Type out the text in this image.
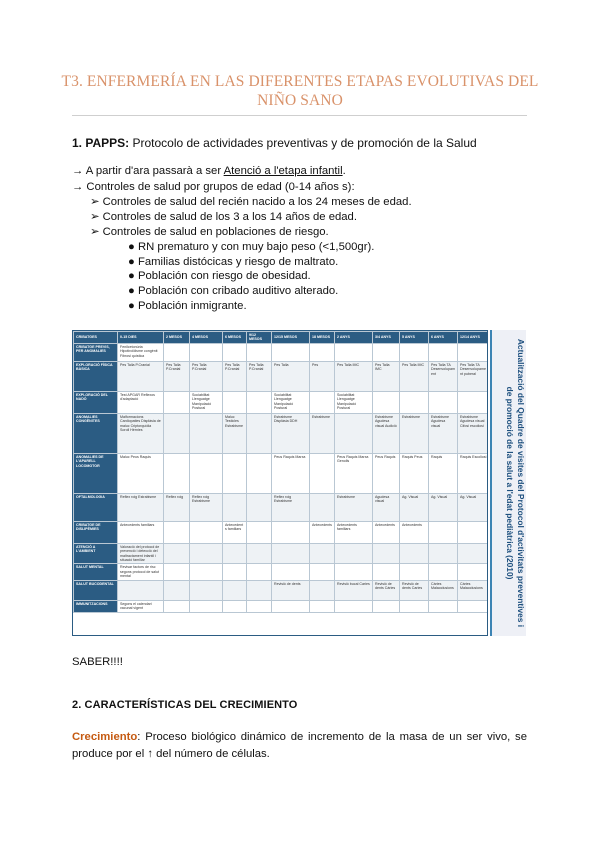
T3. ENFERMERÍA EN LAS DIFERENTES ETAPAS EVOLUTIVAS DEL NIÑO SANO
1. PAPPS: Protocolo de actividades preventivas y de promoción de la Salud
→ A partir d'ara passarà a ser Atenció a l'etapa infantil.
→ Controles de salud por grupos de edad (0-14 años s):
➢ Controles de salud del recién nacido a los 24 meses de edad.
➢ Controles de salud de los 3 a los 14 años de edad.
➢ Controles de salud en poblaciones de riesgo.
● RN prematuro y con muy bajo peso (<1,500gr).
● Familias distócicas y riesgo de maltrato.
● Población con riesgo de obesidad.
● Población con cribado auditivo alterado.
● Población inmigrante.
CRIBATGES	0-15 DIES	2 MESOS	4 MESOS	6 MESOS	9/12 MESOS	12/15 MESOS	18 MESOS	2 ANYS	3/4 ANYS	5 ANYS	6 ANYS	12/14 ANYS
CRIBATGE PREVIS, PER ANOMALIES	Fenilcetonúria Hipotiroïdisme congènit Fibrosi quística											
EXPLORACIÓ FÍSICA BÀSICA	Pes Talla P.Cranial	Pes Talla P.Cranial	Pes Talla P.Cranial	Pes Talla P.Cranial	Pes Talla P.Cranial	Pes Talla	Pes	Pes Talla IMC	Pes Talla IMC	Pes Talla IMC	Pes Talla TA Desenvolupament	Pes Talla TA Desenvolupament puberal
EXPLORACIÓ DEL NADÓ	Test APGAR Reflexos d'adaptació		Sociabilitat Llenguatge Manipulació Postural			Sociabilitat Llenguatge Manipulació Postural		Sociabilitat Llenguatge Manipulació Postural				
ANOMALIES CONGÈNITES	Malformacions Cardiopaties Displàsia de maluc Criptorquídia Soroll Hèrnies			Maluc Testicles Estrabisme		Estrabisme Displàsia DDH	Estrabisme		Estrabisme Agudesa visual Audició	Estrabisme	Estrabisme Agudesa visual	Estrabisme Agudesa visual Cifosi escoliosi
ANOMALIES DE L'APARELL LOCOMOTOR	Maluc Peus Raquis					Peus Raquis Marxa		Peus Raquis Marxa Genolls	Peus Raquis	Raquis Peus	Raquis	Raquis Escoliosi
OFTALMOLOGIA	Reflex roig Estrabisme	Reflex roig	Reflex roig Estrabisme			Reflex roig Estrabisme		Estrabisme	Agudesa visual	Ag. Visual	Ag. Visual	Ag. Visual
CRIBATGE DE DISLIPÈMIES	Antecedents familiars			Antecedents familiars			Antecedents	Antecedents familiars	Antecedents	Antecedents		
ATENCIÓ A L'AMBIENT	Valoració del protocol de prevenció i detecció del maltractament infantil i situació familiar											
SALUT MENTAL	Revisar factors de risc segons protocol de salut mental											
SALUT BUCODENTAL						Revisió de dents		Revisió bucal Caries	Revisió de dents Càries	Revisió de dents Caries	Càries Malaoclusions	Càries Malaoclusions
IMMUNITZACIONS	Segons el calendari vacunal vigent												Actualització del Quadre de visites del Protocol d'activitats preventives i de promoció de la salut a l'edat pediàtrica (2010)
SABER!!!!
2. CARACTERÍSTICAS DEL CRECIMIENTO
Crecimiento: Proceso biológico dinámico de incremento de la masa de un ser vivo, se produce por el ↑ del número de células.
